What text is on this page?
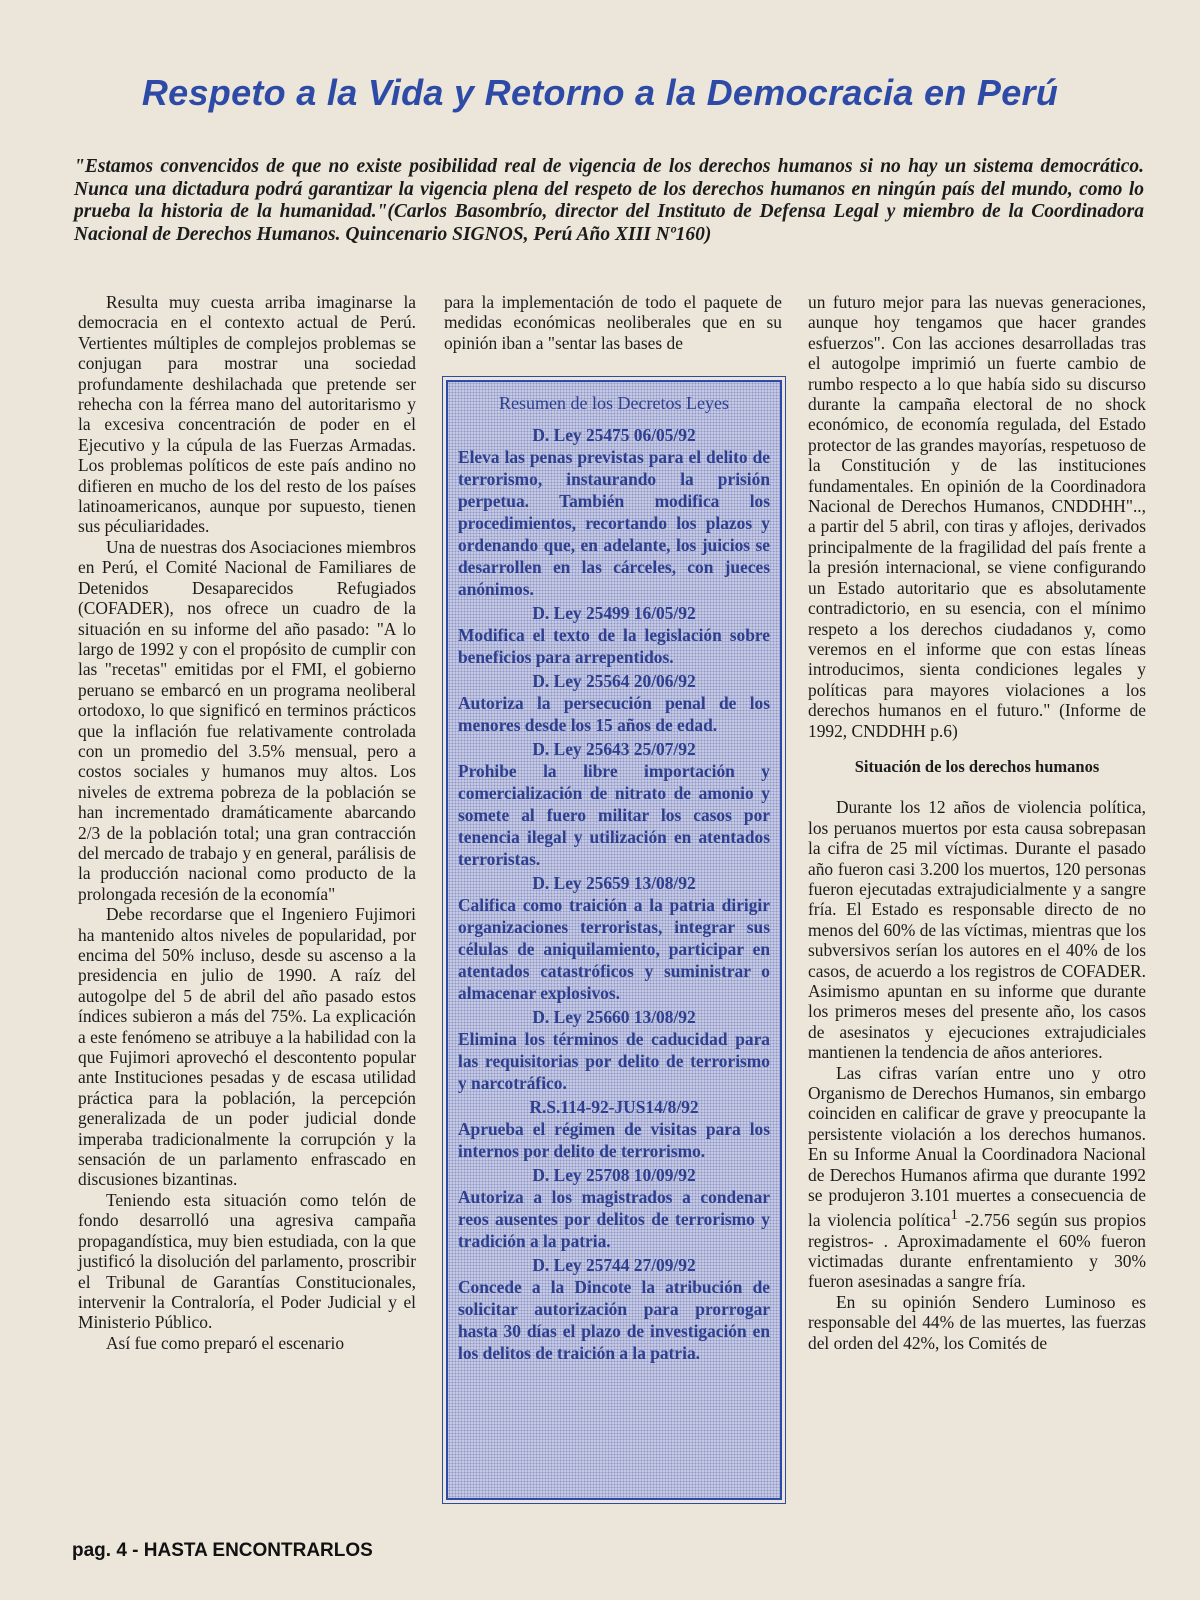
Respeto a la Vida y Retorno a la Democracia en Perú
"Estamos convencidos de que no existe posibilidad real de vigencia de los derechos humanos si no hay un sistema democrático. Nunca una dictadura podrá garantizar la vigencia plena del respeto de los derechos humanos en ningún país del mundo, como lo prueba la historia de la humanidad."(Carlos Basombrío, director del Instituto de Defensa Legal y miembro de la Coordinadora Nacional de Derechos Humanos. Quincenario SIGNOS, Perú Año XIII Nº160)

Resulta muy cuesta arriba imaginarse la democracia en el contexto actual de Perú. Vertientes múltiples de complejos problemas se conjugan para mostrar una sociedad profundamente deshilachada que pretende ser rehecha con la férrea mano del autoritarismo y la excesiva concentración de poder en el Ejecutivo y la cúpula de las Fuerzas Armadas. Los problemas políticos de este país andino no difieren en mucho de los del resto de los países latinoamericanos, aunque por supuesto, tienen sus péculiaridades.

Una de nuestras dos Asociaciones miembros en Perú, el Comité Nacional de Familiares de Detenidos Desaparecidos Refugiados (COFADER), nos ofrece un cuadro de la situación en su informe del año pasado: "A lo largo de 1992 y con el propósito de cumplir con las "recetas" emitidas por el FMI, el gobierno peruano se embarcó en un programa neoliberal ortodoxo, lo que significó en terminos prácticos que la inflación fue relativamente controlada con un promedio del 3.5% mensual, pero a costos sociales y humanos muy altos. Los niveles de extrema pobreza de la población se han incrementado dramáticamente abarcando 2/3 de la población total; una gran contracción del mercado de trabajo y en general, parálisis de la producción nacional como producto de la prolongada recesión de la economía"

Debe recordarse que el Ingeniero Fujimori ha mantenido altos niveles de popularidad, por encima del 50% incluso, desde su ascenso a la presidencia en julio de 1990. A raíz del autogolpe del 5 de abril del año pasado estos índices subieron a más del 75%. La explicación a este fenómeno se atribuye a la habilidad con la que Fujimori aprovechó el descontento popular ante Instituciones pesadas y de escasa utilidad práctica para la población, la percepción generalizada de un poder judicial donde imperaba tradicionalmente la corrupción y la sensación de un parlamento enfrascado en discusiones bizantinas.

Teniendo esta situación como telón de fondo desarrolló una agresiva campaña propagandística, muy bien estudiada, con la que justificó la disolución del parlamento, proscribir el Tribunal de Garantías Constitucionales, intervenir la Contraloría, el Poder Judicial y el Ministerio Público.

Así fue como preparó el escenario

para la implementación de todo el paquete de medidas económicas neoliberales que en su opinión iban a "sentar las bases de

Resumen de los Decretos Leyes
D. Ley 25475 06/05/92
Eleva las penas previstas para el delito de terrorismo, instaurando la prisión perpetua. También modifica los procedimientos, recortando los plazos y ordenando que, en adelante, los juicios se desarrollen en las cárceles, con jueces anónimos.
D. Ley 25499 16/05/92
Modifica el texto de la legislación sobre beneficios para arrepentidos.
D. Ley 25564 20/06/92
Autoriza la persecución penal de los menores desde los 15 años de edad.
D. Ley 25643 25/07/92
Prohibe la libre importación y comercialización de nitrato de amonio y somete al fuero militar los casos por tenencia ilegal y utilización en atentados terroristas.
D. Ley 25659 13/08/92
Califica como traición a la patria dirigir organizaciones terroristas, integrar sus células de aniquilamiento, participar en atentados catastróficos y suministrar o almacenar explosivos.
D. Ley 25660 13/08/92
Elimina los términos de caducidad para las requisitorias por delito de terrorismo y narcotráfico.
R.S.114-92-JUS14/8/92
Aprueba el régimen de visitas para los internos por delito de terrorismo.
D. Ley 25708 10/09/92
Autoriza a los magistrados a condenar reos ausentes por delitos de terrorismo y tradición a la patria.
D. Ley 25744 27/09/92
Concede a la Dincote la atribución de solicitar autorización para prorrogar hasta 30 días el plazo de investigación en los delitos de traición a la patria.

un futuro mejor para las nuevas generaciones, aunque hoy tengamos que hacer grandes esfuerzos". Con las acciones desarrolladas tras el autogolpe imprimió un fuerte cambio de rumbo respecto a lo que había sido su discurso durante la campaña electoral de no shock económico, de economía regulada, del Estado protector de las grandes mayorías, respetuoso de la Constitución y de las instituciones fundamentales. En opinión de la Coordinadora Nacional de Derechos Humanos, CNDDHH".., a partir del 5 abril, con tiras y aflojes, derivados principalmente de la fragilidad del país frente a la presión internacional, se viene configurando un Estado autoritario que es absolutamente contradictorio, en su esencia, con el mínimo respeto a los derechos ciudadanos y, como veremos en el informe que con estas líneas introducimos, sienta condiciones legales y políticas para mayores violaciones a los derechos humanos en el futuro." (Informe de 1992, CNDDHH p.6)

Situación de los derechos humanos

Durante los 12 años de violencia política, los peruanos muertos por esta causa sobrepasan la cifra de 25 mil víctimas. Durante el pasado año fueron casi 3.200 los muertos, 120 personas fueron ejecutadas extrajudicialmente y a sangre fría. El Estado es responsable directo de no menos del 60% de las víctimas, mientras que los subversivos serían los autores en el 40% de los casos, de acuerdo a los registros de COFADER. Asimismo apuntan en su informe que durante los primeros meses del presente año, los casos de asesinatos y ejecuciones extrajudiciales mantienen la tendencia de años anteriores.

Las cifras varían entre uno y otro Organismo de Derechos Humanos, sin embargo coinciden en calificar de grave y preocupante la persistente violación a los derechos humanos. En su Informe Anual la Coordinadora Nacional de Derechos Humanos afirma que durante 1992 se produjeron 3.101 muertes a consecuencia de la violencia política$^1$ -2.756 según sus propios registros- . Aproximadamente el 60% fueron victimadas durante enfrentamiento y 30% fueron asesinadas a sangre fría.

En su opinión Sendero Luminoso es responsable del 44% de las muertes, las fuerzas del orden del 42%, los Comités de

pag. 4 - HASTA ENCONTRARLOS
